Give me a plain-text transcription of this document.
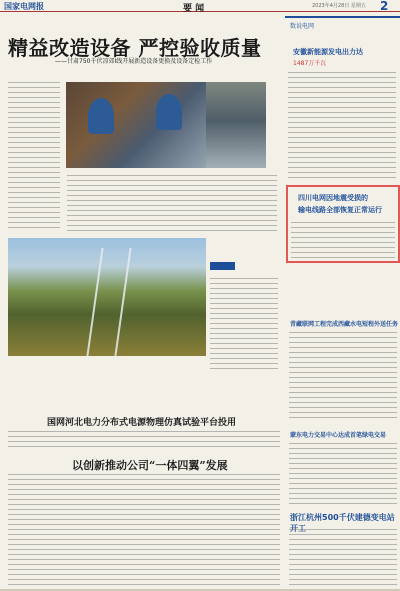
国家电网报	要 闻	2023年4月28日 星期五 2
精益改造设备 严控验收质量
——甘肃750千伏凉郊Ⅰ线开展新造设备更换及设备定检工作
国网河北电力分布式电源物理仿真试验平台投用
以创新推动公司“一体四翼”发展
数说电网
安徽新能源发电出力达
1487万千瓦
四川电网因地震受损的
输电线路全部恢复正常运行
青藏联网工程完成西藏水电短程外送任务
蒙东电力交易中心达成首笔绿电交易
浙江杭州500千伏建德变电站开工
